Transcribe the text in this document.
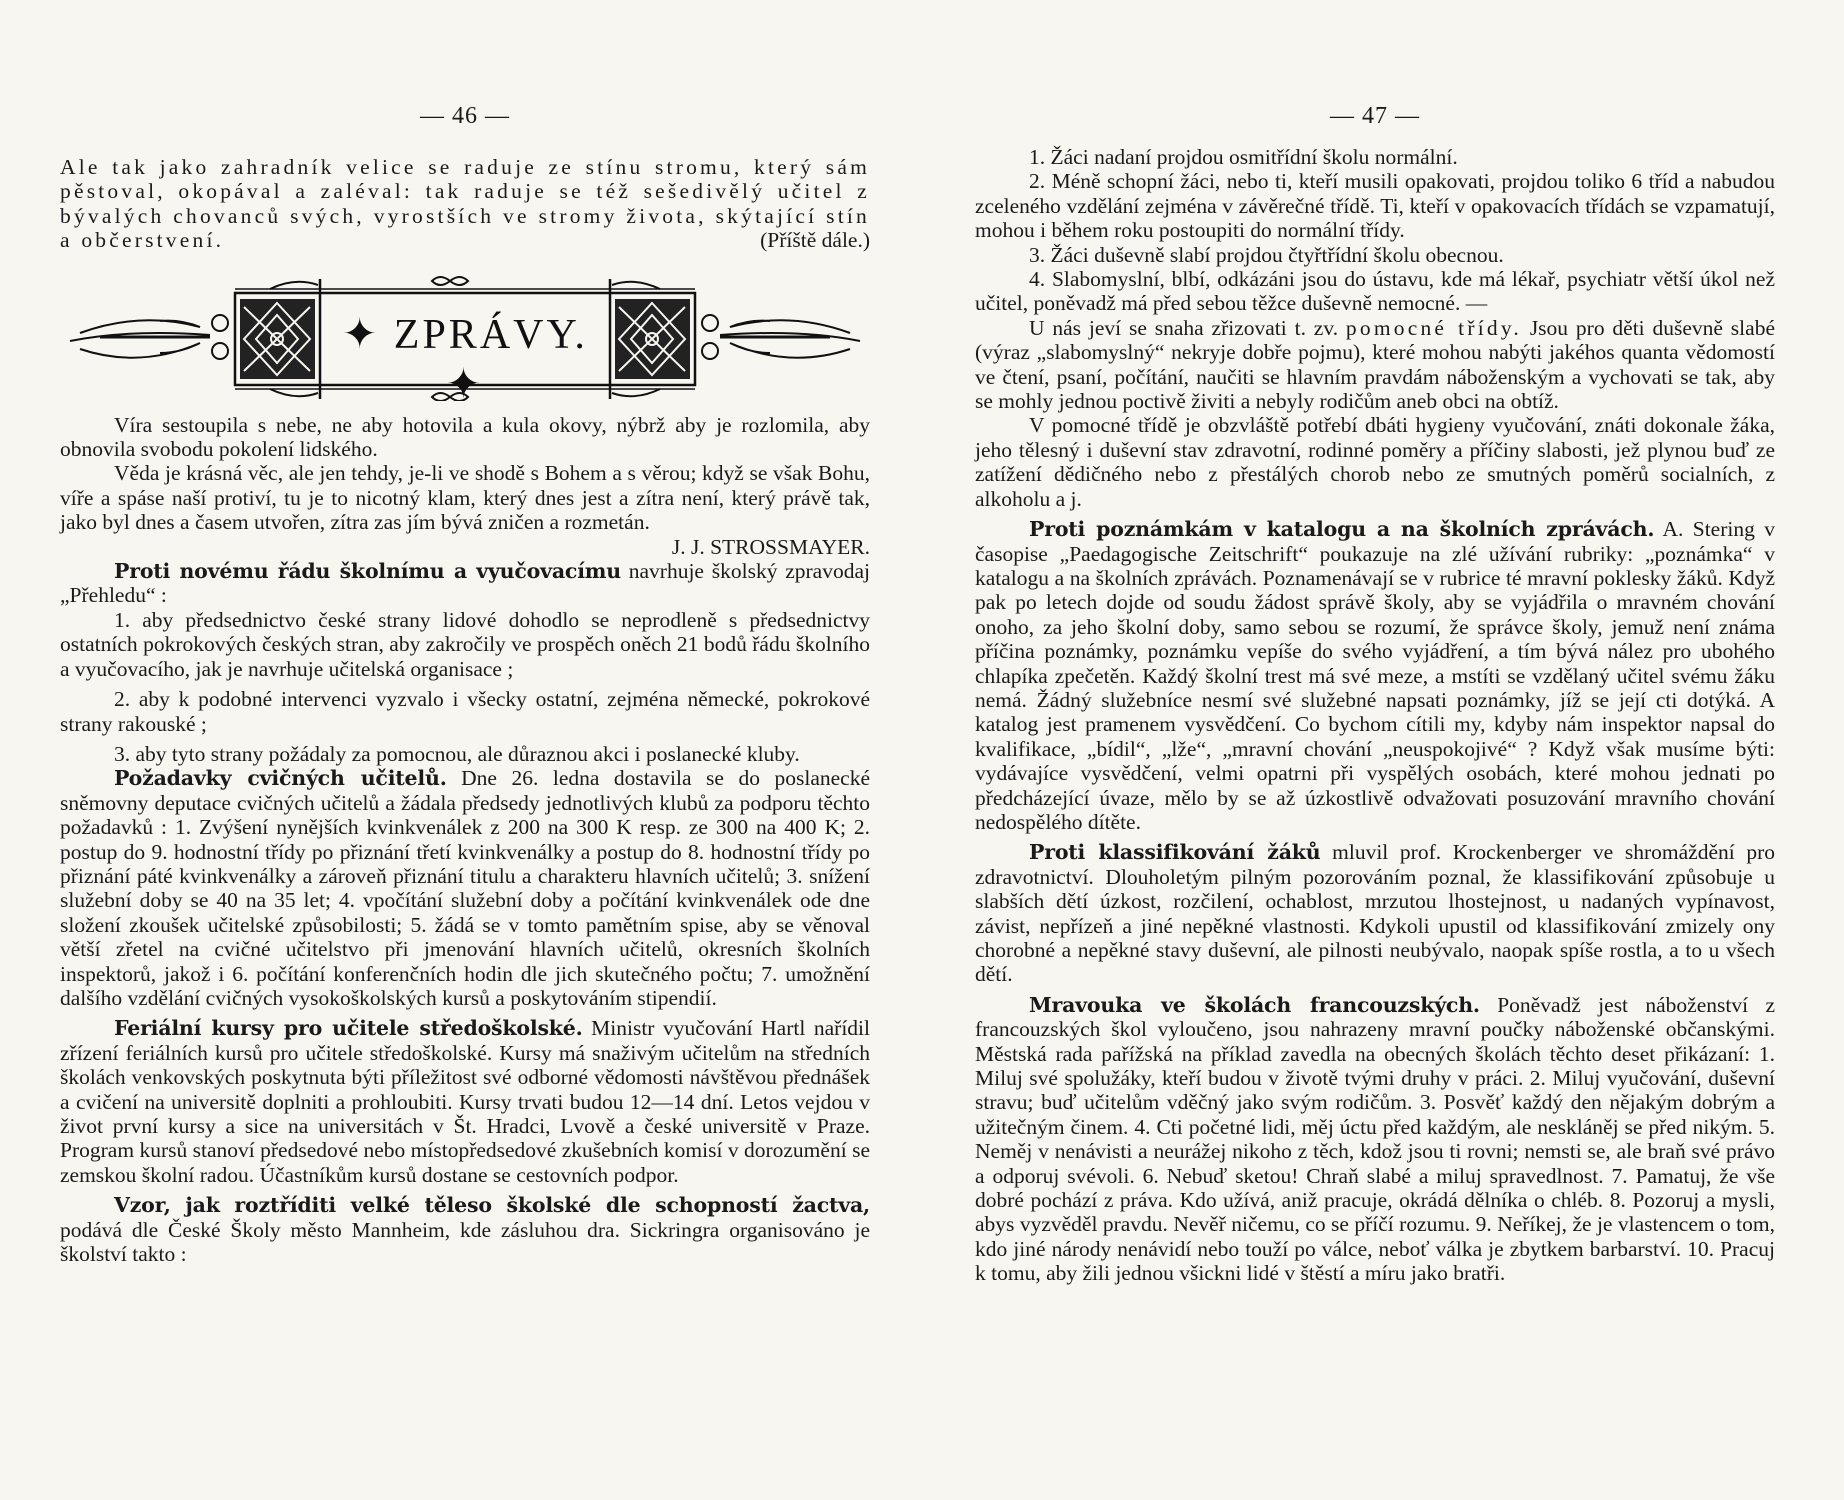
— 46 —

Ale tak jako zahradník velice se raduje ze stínu stromu, který sám pěstoval, okopával a zaléval: tak raduje se též sešedivělý učitel z bývalých chovanců svých, vyrostších ve stromy života, skýtající stín a občerstvení.	(Příště dále.)

✦ ZPRÁVY. ✦

Víra sestoupila s nebe, ne aby hotovila a kula okovy, nýbrž aby je rozlomila, aby obnovila svobodu pokolení lidského.

Věda je krásná věc, ale jen tehdy, je-li ve shodě s Bohem a s věrou; když se však Bohu, víře a spáse naší protiví, tu je to nicotný klam, který dnes jest a zítra není, který právě tak, jako byl dnes a časem utvořen, zítra zas jím bývá zničen a rozmetán.

J. J. STROSSMAYER.

Proti novému řádu školnímu a vyučovacímu navrhuje školský zpravodaj „Přehledu“ :

1. aby předsednictvo české strany lidové dohodlo se neprodleně s předsednictvy ostatních pokrokových českých stran, aby zakročily ve prospěch oněch 21 bodů řádu školního a vyučovacího, jak je navrhuje učitelská organisace ;

2. aby k podobné intervenci vyzvalo i všecky ostatní, zejména německé, pokrokové strany rakouské ;

3. aby tyto strany požádaly za pomocnou, ale důraznou akci i poslanecké kluby.

Požadavky cvičných učitelů. Dne 26. ledna dostavila se do poslanecké sněmovny deputace cvičných učitelů a žádala předsedy jednotlivých klubů za podporu těchto požadavků : 1. Zvýšení nynějších kvinkvenálek z 200 na 300 K resp. ze 300 na 400 K; 2. postup do 9. hodnostní třídy po přiznání třetí kvinkvenálky a postup do 8. hodnostní třídy po přiznání páté kvinkvenálky a zároveň přiznání titulu a charakteru hlavních učitelů; 3. snížení služební doby se 40 na 35 let; 4. vpočítání služební doby a počítání kvinkvenálek ode dne složení zkoušek učitelské způsobilosti; 5. žádá se v tomto pamětním spise, aby se věnoval větší zřetel na cvičné učitelstvo při jmenování hlavních učitelů, okresních školních inspektorů, jakož i 6. počítání konferenčních hodin dle jich skutečného počtu; 7. umožnění dalšího vzdělání cvičných vysokoškolských kursů a poskytováním stipendií.

Feriální kursy pro učitele středoškolské. Ministr vyučování Hartl nařídil zřízení feriálních kursů pro učitele středoškolské. Kursy má snaživým učitelům na středních školách venkovských poskytnuta býti příležitost své odborné vědomosti návštěvou přednášek a cvičení na universitě doplniti a prohloubiti. Kursy trvati budou 12—14 dní. Letos vejdou v život první kursy a sice na universitách v Št. Hradci, Lvově a české universitě v Praze. Program kursů stanoví předsedové nebo místopředsedové zkušebních komisí v dorozumění se zemskou školní radou. Účastníkům kursů dostane se cestovních podpor.

Vzor, jak roztříditi velké těleso školské dle schopností žactva, podává dle České Školy město Mannheim, kde zásluhou dra. Sickringra organisováno je školství takto :

— 47 —

1. Žáci nadaní projdou osmitřídní školu normální.

2. Méně schopní žáci, nebo ti, kteří musili opakovati, projdou toliko 6 tříd a nabudou zceleného vzdělání zejména v závěrečné třídě. Ti, kteří v opakovacích třídách se vzpamatují, mohou i během roku postoupiti do normální třídy.

3. Žáci duševně slabí projdou čtyřtřídní školu obecnou.

4. Slabomyslní, blbí, odkázáni jsou do ústavu, kde má lékař, psychiatr větší úkol než učitel, poněvadž má před sebou těžce duševně nemocné. —

U nás jeví se snaha zřizovati t. zv. pomocné třídy. Jsou pro děti duševně slabé (výraz „slabomyslný“ nekryje dobře pojmu), které mohou nabýti jakéhos quanta vědomostí ve čtení, psaní, počítání, naučiti se hlavním pravdám náboženským a vychovati se tak, aby se mohly jednou poctivě živiti a nebyly rodičům aneb obci na obtíž.

V pomocné třídě je obzvláště potřebí dbáti hygieny vyučování, znáti dokonale žáka, jeho tělesný i duševní stav zdravotní, rodinné poměry a příčiny slabosti, jež plynou buď ze zatížení dědičného nebo z přestálých chorob nebo ze smutných poměrů socialních, z alkoholu a j.

Proti poznámkám v katalogu a na školních zprávách. A. Stering v časopise „Paedagogische Zeitschrift“ poukazuje na zlé užívání rubriky: „poznámka“ v katalogu a na školních zprávách. Poznamenávají se v rubrice té mravní poklesky žáků. Když pak po letech dojde od soudu žádost správě školy, aby se vyjádřila o mravném chování onoho, za jeho školní doby, samo sebou se rozumí, že správce školy, jemuž není známa příčina poznámky, poznámku vepíše do svého vyjádření, a tím bývá nález pro ubohého chlapíka zpečetěn. Každý školní trest má své meze, a mstíti se vzdělaný učitel svému žáku nemá. Žádný služebníce nesmí své služebné napsati poznámky, jíž se její cti dotýká. A katalog jest pramenem vysvědčení. Co bychom cítili my, kdyby nám inspektor napsal do kvalifikace, „bídil“, „lže“, „mravní chování „neuspokojivé“ ? Když však musíme býti: vydávajíce vysvědčení, velmi opatrni při vyspělých osobách, které mohou jednati po předcházející úvaze, mělo by se až úzkostlivě odvažovati posuzování mravního chování nedospělého dítěte.

Proti klassifikování žáků mluvil prof. Krockenberger ve shromáždění pro zdravotnictví. Dlouholetým pilným pozorováním poznal, že klassifikování způsobuje u slabších dětí úzkost, rozčilení, ochablost, mrzutou lhostejnost, u nadaných vypínavost, závist, nepřízeň a jiné nepěkné vlastnosti. Kdykoli upustil od klassifikování zmizely ony chorobné a nepěkné stavy duševní, ale pilnosti neubývalo, naopak spíše rostla, a to u všech dětí.

Mravouka ve školách francouzských. Poněvadž jest náboženství z francouzských škol vyloučeno, jsou nahrazeny mravní poučky náboženské občanskými. Městská rada pařížská na příklad zavedla na obecných školách těchto deset přikázaní: 1. Miluj své spolužáky, kteří budou v životě tvými druhy v práci. 2. Miluj vyučování, duševní stravu; buď učitelům vděčný jako svým rodičům. 3. Posvěť každý den nějakým dobrým a užitečným činem. 4. Cti početné lidi, měj úctu před každým, ale neskláněj se před nikým. 5. Neměj v nenávisti a neurážej nikoho z těch, kdož jsou ti rovni; nemsti se, ale braň své právo a odporuj svévoli. 6. Nebuď sketou! Chraň slabé a miluj spravedlnost. 7. Pamatuj, že vše dobré pochází z práva. Kdo užívá, aniž pracuje, okrádá dělníka o chléb. 8. Pozoruj a mysli, abys vyzvěděl pravdu. Nevěř ničemu, co se příčí rozumu. 9. Neříkej, že je vlastencem o tom, kdo jiné národy nenávidí nebo touží po válce, neboť válka je zbytkem barbarství. 10. Pracuj k tomu, aby žili jednou všickni lidé v štěstí a míru jako bratři.
